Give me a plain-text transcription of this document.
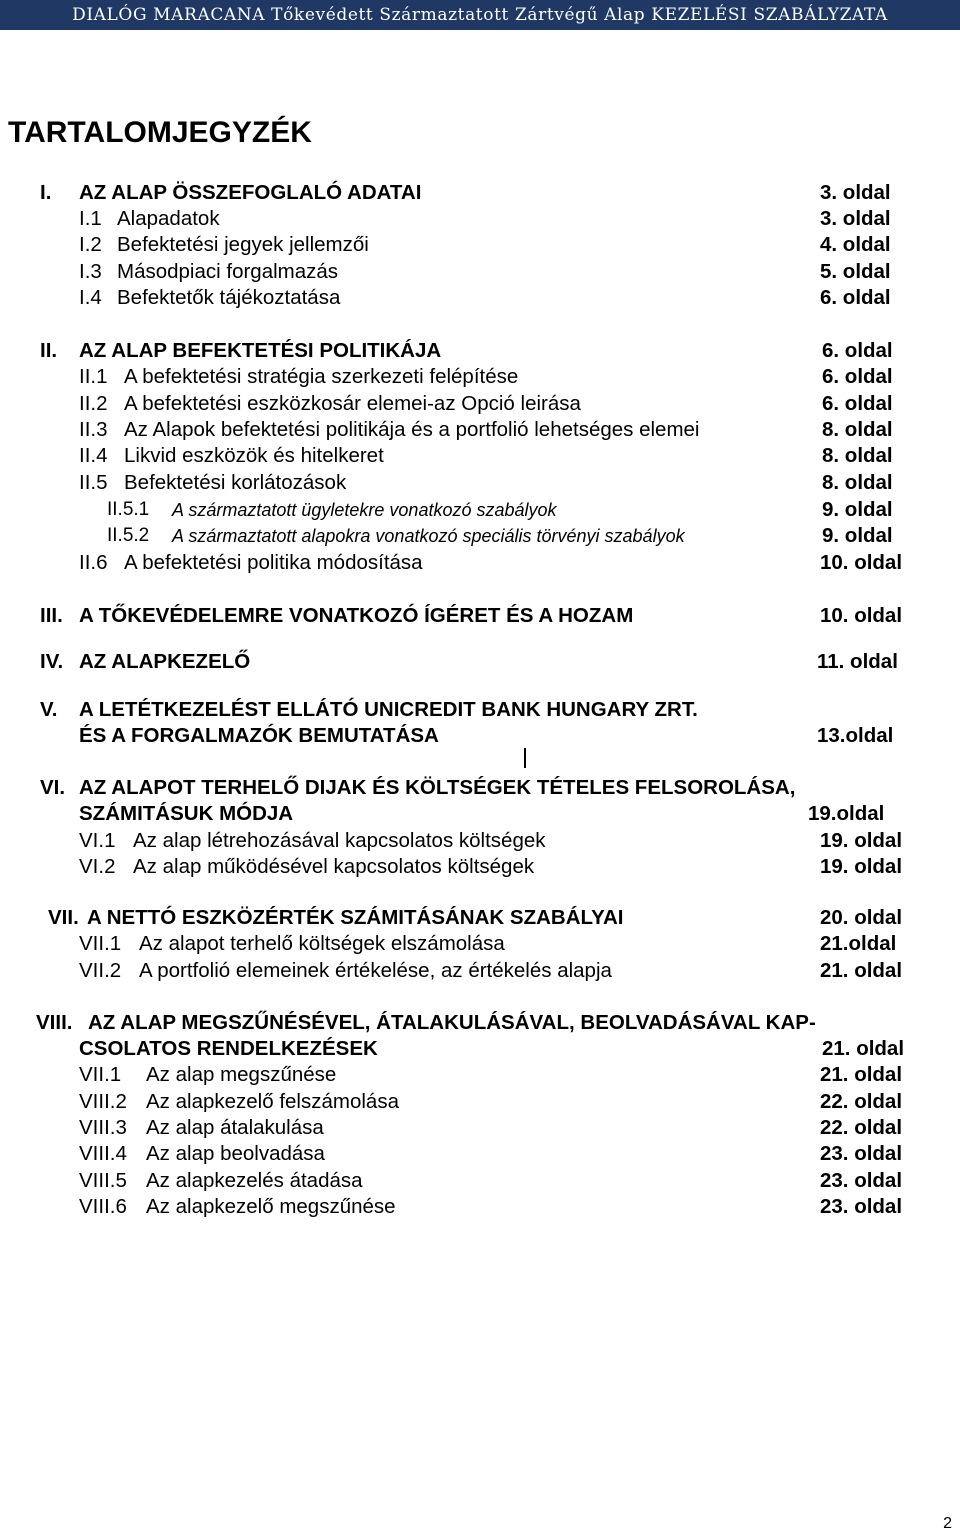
DIALÓG MARACANA Tőkevédett Származtatott Zártvégű Alap KEZELÉSI SZABÁLYZATA
TARTALOMJEGYZÉK
I. AZ ALAP ÖSSZEFOGLALÓ ADATAI	3. oldal
I.1 Alapadatok	3. oldal
I.2 Befektetési jegyek jellemzői	4. oldal
I.3 Másodpiaci forgalmazás	5. oldal
I.4 Befektetők tájékoztatása	6. oldal
II. AZ ALAP BEFEKTETÉSI POLITIKÁJA	6. oldal
II.1 A befektetési stratégia szerkezeti felépítése	6. oldal
II.2 A befektetési eszközkosár elemei-az Opció leirása	6. oldal
II.3 Az Alapok befektetési politikája és a portfolió lehetséges elemei	8. oldal
II.4 Likvid eszközök és hitelkeret	8. oldal
II.5 Befektetési korlátozások	8. oldal
II.5.1 A származtatott ügyletekre vonatkozó szabályok	9. oldal
II.5.2 A származtatott alapokra vonatkozó speciális törvényi szabályok	9. oldal
II.6 A befektetési politika módosítása	10. oldal
III. A TŐKEVÉDELEMRE VONATKOZÓ ÍGÉRET ÉS A HOZAM	10. oldal
IV. AZ ALAPKEZELŐ	11. oldal
V. A LETÉTKEZELÉST ELLÁTÓ UNICREDIT BANK HUNGARY ZRT.
ÉS A FORGALMAZÓK BEMUTATÁSA	13.oldal
VI. AZ ALAPOT TERHELŐ DIJAK ÉS KÖLTSÉGEK TÉTELES FELSOROLÁSA,
SZÁMITÁSUK MÓDJA	19.oldal
VI.1 Az alap létrehozásával kapcsolatos költségek	19. oldal
VI.2 Az alap működésével kapcsolatos költségek	19. oldal
VII. A NETTÓ ESZKÖZÉRTÉK SZÁMITÁSÁNAK SZABÁLYAI	20. oldal
VII.1 Az alapot terhelő költségek elszámolása	21.oldal
VII.2 A portfolió elemeinek értékelése, az értékelés alapja	21. oldal
VIII. AZ ALAP MEGSZŰNÉSÉVEL, ÁTALAKULÁSÁVAL, BEOLVADÁSÁVAL KAP-
CSOLATOS RENDELKEZÉSEK	21. oldal
VII.1 Az alap megszűnése	21. oldal
VIII.2 Az alapkezelő felszámolása	22. oldal
VIII.3 Az alap átalakulása	22. oldal
VIII.4 Az alap beolvadása	23. oldal
VIII.5 Az alapkezelés átadása	23. oldal
VIII.6 Az alapkezelő megszűnése	23. oldal
2
